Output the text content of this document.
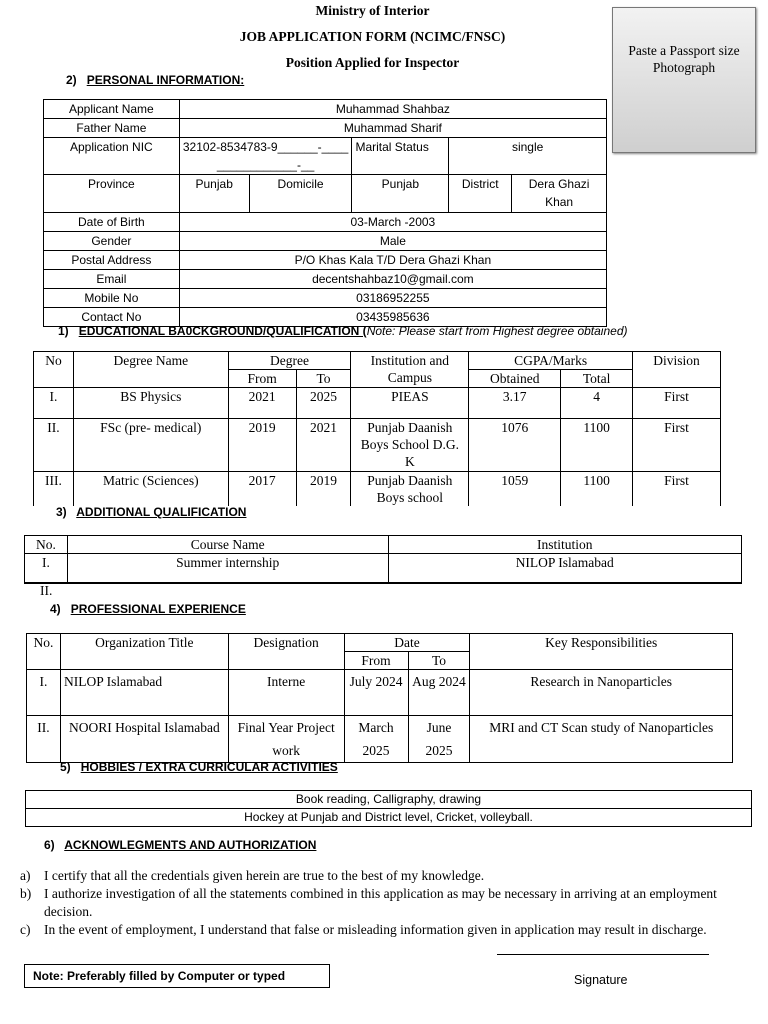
Ministry of Interior
JOB APPLICATION FORM (NCIMC/FNSC)
Position Applied for Inspector
Paste a Passport size Photograph
2) PERSONAL INFORMATION:
Applicant Name	Muhammad Shahbaz				
Father Name	Muhammad Sharif				
Application NIC	32102-8534783-9______-________________-__		Marital Status	single	
Province	Punjab	Domicile	Punjab	District	Dera Ghazi Khan
Date of Birth	03-March -2003				
Gender	Male				
Postal Address	P/O Khas Kala T/D Dera Ghazi Khan				
Email	decentshahbaz10@gmail.com				
Mobile No	03186952255				
Contact No	03435985636				
1) EDUCATIONAL BA0CKGROUND/QUALIFICATION (Note: Please start from Highest degree obtained)
No	Degree Name	Degree		Institution and Campus	CGPA/Marks		Division
		From	To		Obtained	Total	
I.	BS Physics	2021	2025	PIEAS	3.17	4	First
II.	FSc (pre- medical)	2019	2021	Punjab Daanish Boys School D.G. K	1076	1100	First
III.	Matric (Sciences)	2017	2019	Punjab Daanish Boys school	1059	1100	First
3) ADDITIONAL QUALIFICATION
No.	Course Name	Institution
I.	Summer internship	NILOP Islamabad
II.
4) PROFESSIONAL EXPERIENCE
No.	Organization Title	Designation	Date		Key Responsibilities
			From	To	
I.	NILOP Islamabad	Interne	July 2024	Aug 2024	Research in Nanoparticles
II.	NOORI Hospital Islamabad	Final Year Project work	March 2025	June 2025	MRI and CT Scan study of Nanoparticles
5) HOBBIES / EXTRA CURRICULAR ACTIVITIES
Book reading, Calligraphy, drawing
Hockey at Punjab and District level, Cricket, volleyball.
6) ACKNOWLEGMENTS AND AUTHORIZATION
a)	I certify that all the credentials given herein are true to the best of my knowledge.
b) I authorize investigation of all the statements combined in this application as may be necessary in arriving at an employment decision.
c)	In the event of employment, I understand that false or misleading information given in application may result in discharge.
Signature
Note: Preferably filled by Computer or typed
